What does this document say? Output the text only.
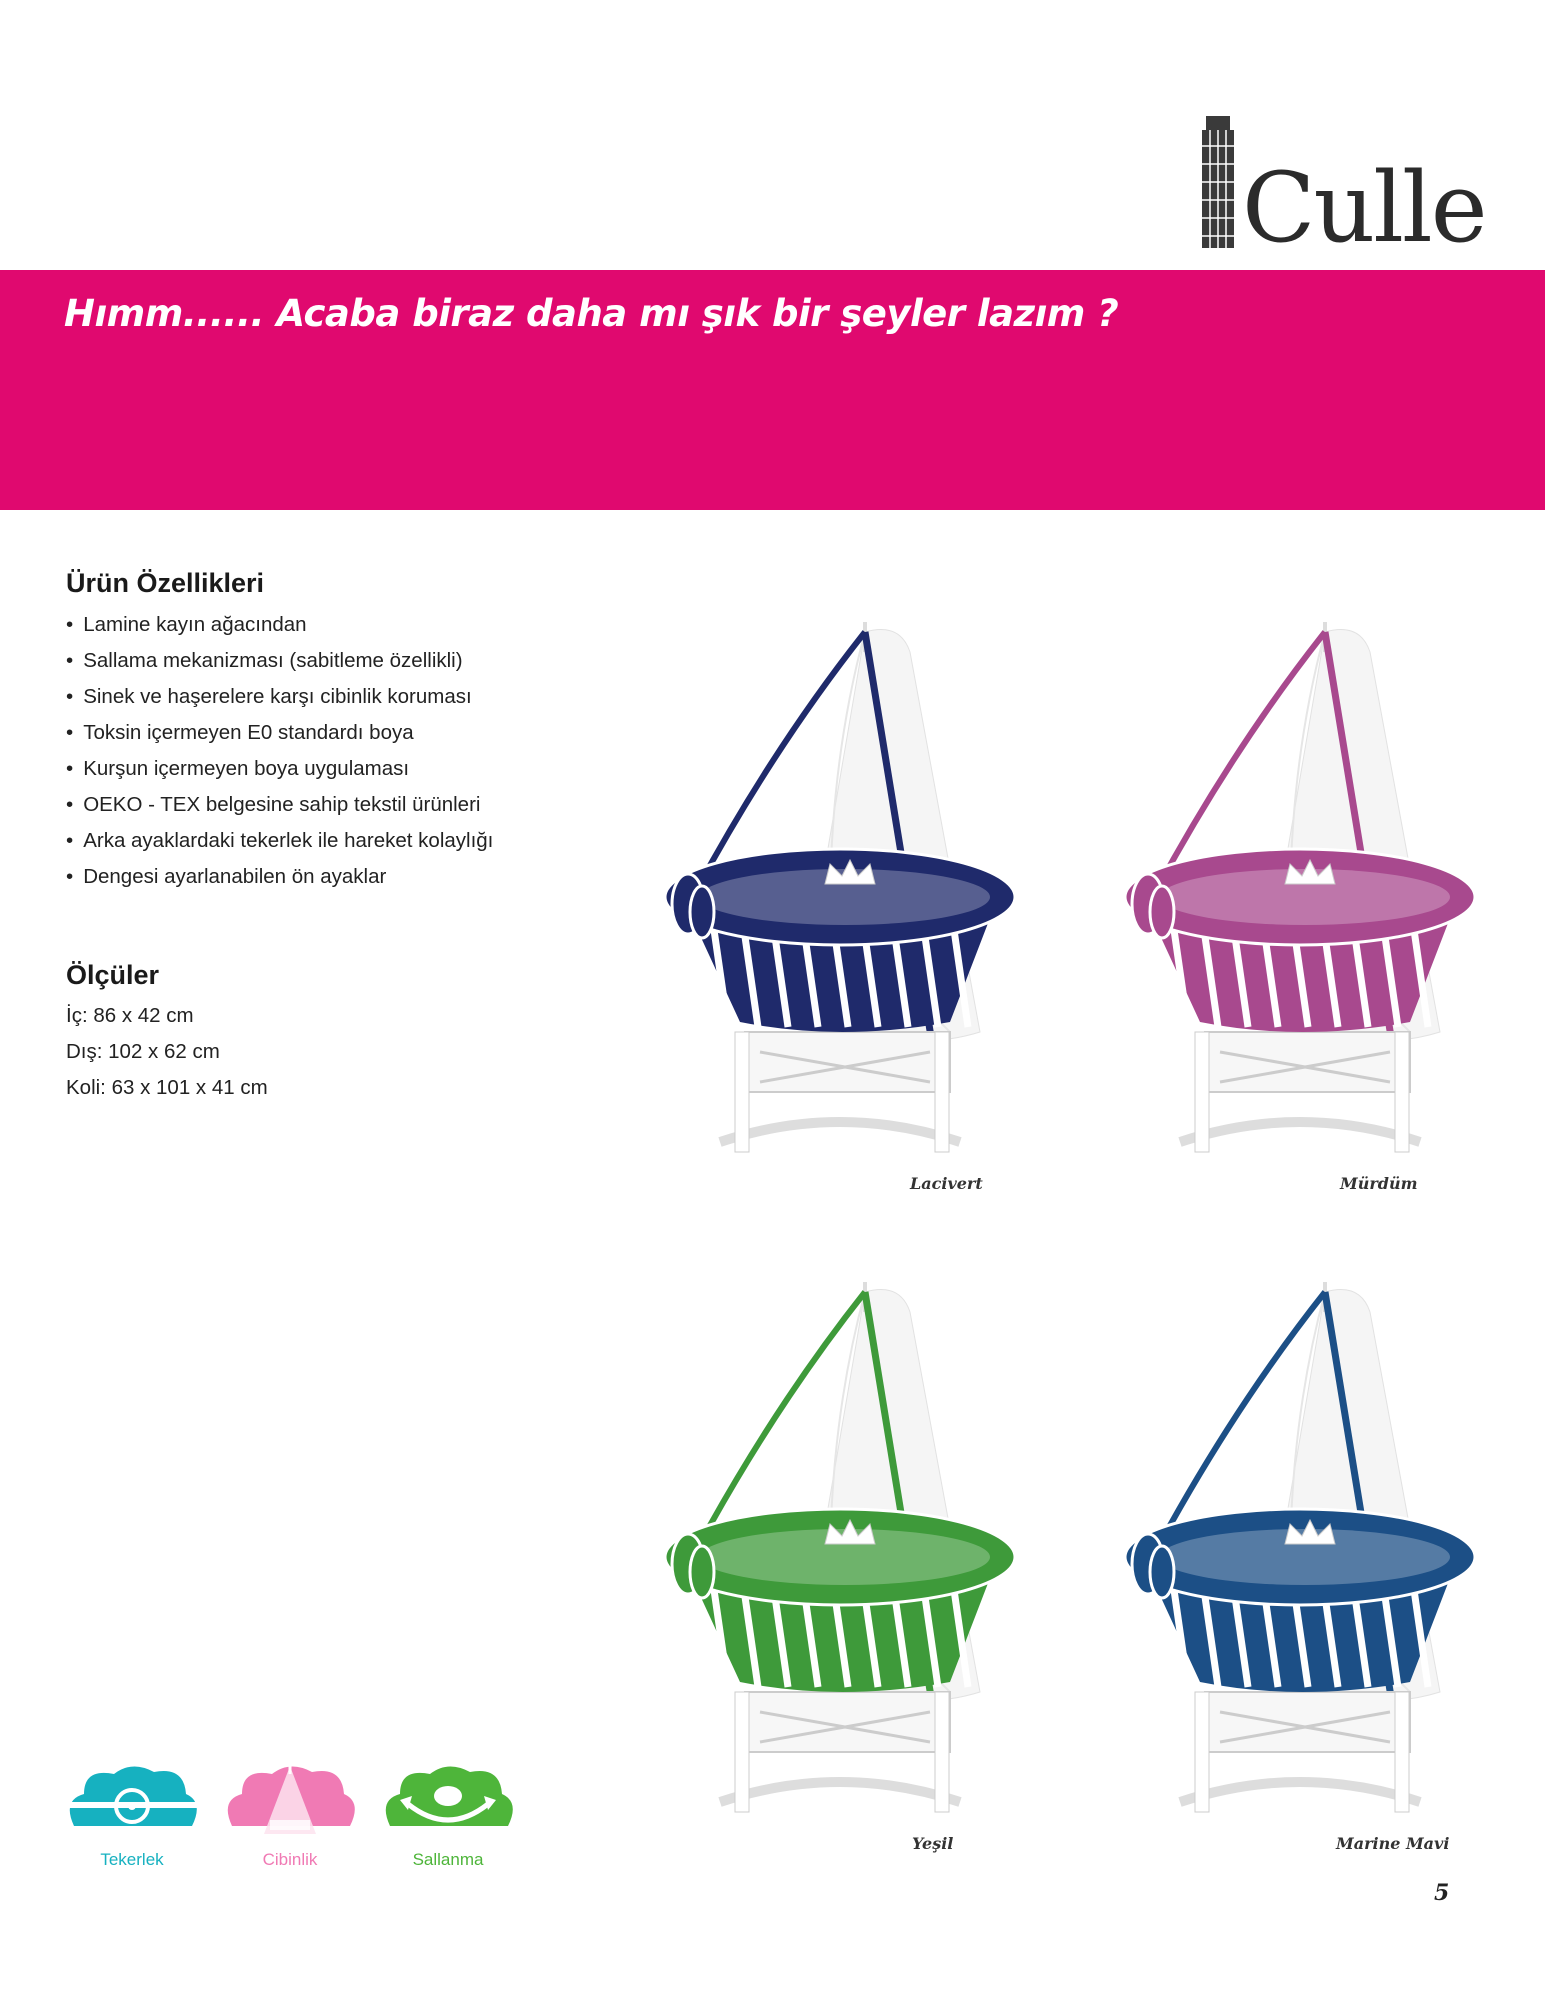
Culle
Hımm...... Acaba biraz daha mı şık bir şeyler lazım ?
Ürün Özellikleri
• Lamine kayın ağacından
• Sallama mekanizması (sabitleme özellikli)
• Sinek ve haşerelere karşı cibinlik koruması
• Toksin içermeyen E0 standardı boya
• Kurşun içermeyen boya uygulaması
• OEKO - TEX belgesine sahip tekstil ürünleri
• Arka ayaklardaki tekerlek ile hareket kolaylığı
• Dengesi ayarlanabilen ön ayaklar
Ölçüler
İç: 86 x 42 cm
Dış: 102 x 62 cm
Koli: 63 x 101 x 41 cm
Lacivert	Mürdüm
Yeşil	Marine Mavi
Tekerlek	Cibinlik	Sallanma
5
